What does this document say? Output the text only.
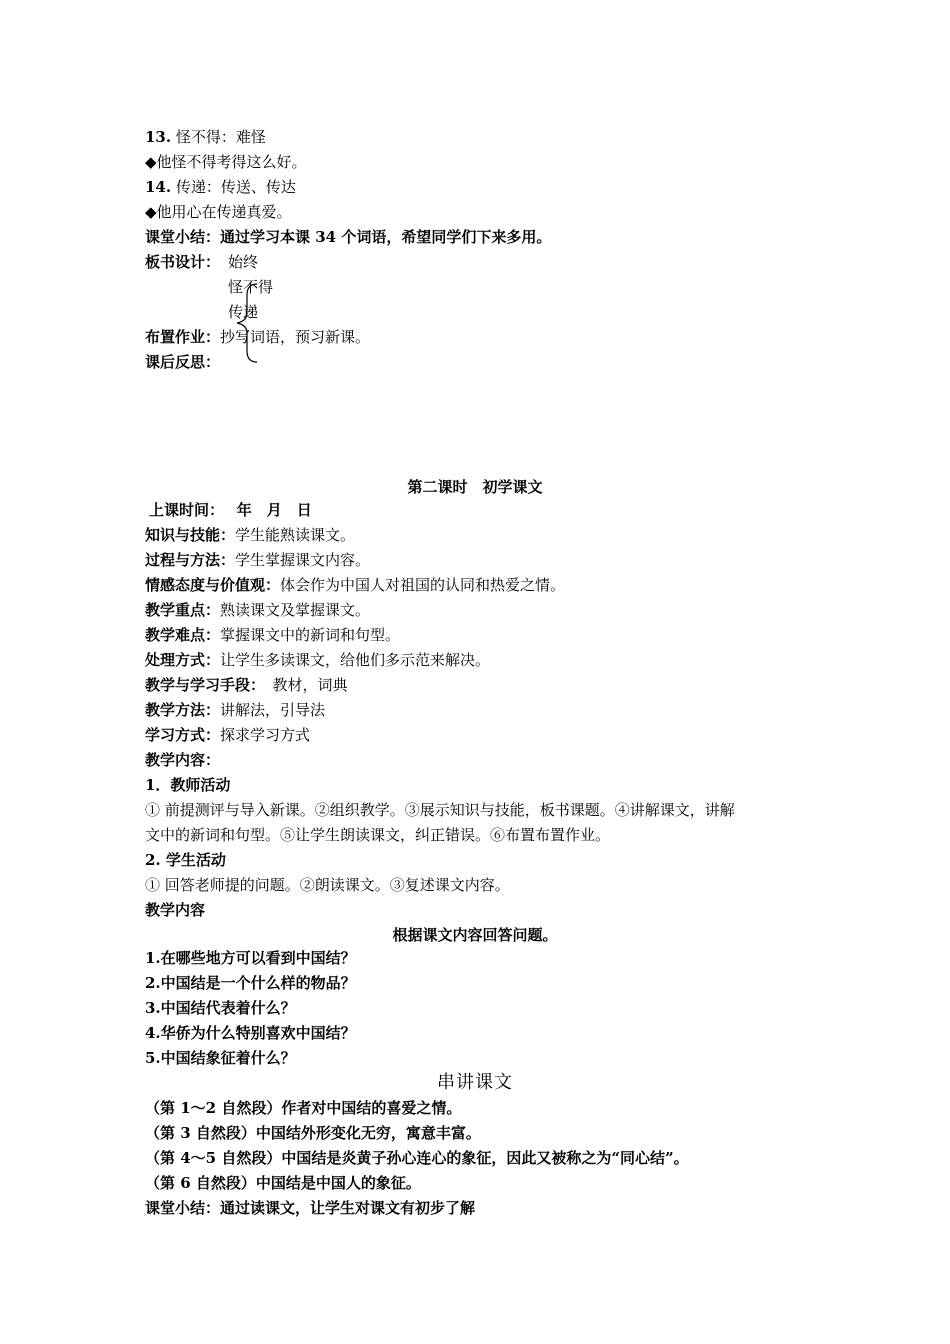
13. 怪不得：难怪
◆他怪不得考得这么好。
14. 传递：传送、传达
◆他用心在传递真爱。
课堂小结：通过学习本课 34 个词语，希望同学们下来多用。
板书设计： 始终
怪不得
传递
布置作业：抄写词语，预习新课。
课后反思：
第二课时　初学课文
上课时间：　 年　月　日
知识与技能：学生能熟读课文。
过程与方法：学生掌握课文内容。
情感态度与价值观：体会作为中国人对祖国的认同和热爱之情。
教学重点：熟读课文及掌握课文。
教学难点：掌握课文中的新词和句型。
处理方式：让学生多读课文，给他们多示范来解决。
教学与学习手段：　教材，词典
教学方法：讲解法，引导法
学习方式：探求学习方式
教学内容：
1．教师活动
① 前提测评与导入新课。②组织教学。③展示知识与技能，板书课题。④讲解课文，讲解
文中的新词和句型。⑤让学生朗读课文，纠正错误。⑥布置布置作业。
2. 学生活动
① 回答老师提的问题。②朗读课文。③复述课文内容。
教学内容
根据课文内容回答问题。
1.在哪些地方可以看到中国结？
2.中国结是一个什么样的物品？
3.中国结代表着什么？
4.华侨为什么特别喜欢中国结？
5.中国结象征着什么？
串讲课文
（第 1～2 自然段）作者对中国结的喜爱之情。
（第 3 自然段）中国结外形变化无穷，寓意丰富。
（第 4～5 自然段）中国结是炎黄子孙心连心的象征，因此又被称之为“同心结”。
（第 6 自然段）中国结是中国人的象征。
课堂小结：通过读课文，让学生对课文有初步了解
